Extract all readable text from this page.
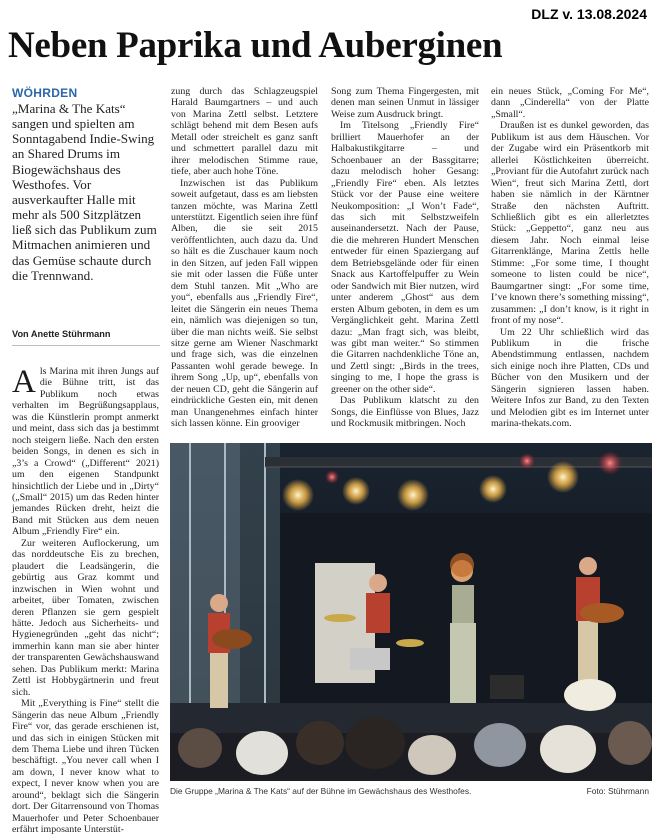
DLZ v. 13.08.2024
Neben Paprika und Auberginen
WÖHRDEN
„Marina & The Kats“ sangen und spielten am Sonntagabend Indie-Swing an Shared Drums im Biogewächshaus des Westhofes. Vor ausverkaufter Halle mit mehr als 500 Sitzplätzen ließ sich das Publikum zum Mitmachen animieren und das Gemüse schaute durch die Trennwand.
Von Anette Stührmann

Als Marina mit ihren Jungs auf die Bühne tritt, ist das Publikum noch etwas verhalten im Begrüßungsapplaus, was die Künstlerin prompt anmerkt und meint, dass sich das ja bestimmt noch steigern ließe. Nach den ersten beiden Songs, in denen es sich in „3’s a Crowd“ („Different“ 2021) um den eigenen Standpunkt hinsichtlich der Liebe und in „Dirty“ („Small“ 2015) um das Reden hinter jemandes Rücken dreht, heizt die Band mit Stücken aus dem neuen Album „Friendly Fire“ ein.

Zur weiteren Auflockerung, um das norddeutsche Eis zu brechen, plaudert die Leadsängerin, die gebürtig aus Graz kommt und inzwischen in Wien wohnt und arbeitet, über Tomaten, zwischen deren Pflanzen sie gern gespielt hätte. Jedoch aus Sicherheits- und Hygienegründen „geht das nicht“; immerhin kann man sie aber hinter der transparenten Gewächshauswand sehen. Das Publikum merkt: Marina Zettl ist Hobbygärtnerin und freut sich.

Mit „Everything is Fine“ stellt die Sängerin das neue Album „Friendly Fire“ vor, das gerade erschienen ist, und das sich in einigen Stücken mit dem Thema Liebe und ihren Tücken beschäftigt. „You never call when I am down, I never know what to expect, I never know when you are around“, beklagt sich die Sängerin dort. Der Gitarrensound von Thomas Mauerhofer und Peter Schoenbauer erfährt imposante Unterstüt-

zung durch das Schlagzeugspiel Harald Baumgartners – und auch von Marina Zettl selbst. Letztere schlägt behend mit dem Besen aufs Metall oder streichelt es ganz sanft und schmettert parallel dazu mit ihrer melodischen Stimme raue, tiefe, aber auch hohe Töne.

Inzwischen ist das Publikum soweit aufgetaut, dass es am liebsten tanzen möchte, was Marina Zettl unterstützt. Eigentlich seien ihre fünf Alben, die sie seit 2015 veröffentlichten, auch dazu da. Und so hält es die Zuschauer kaum noch in den Sitzen, auf jeden Fall wippen sie mit oder lassen die Füße unter dem Stuhl tanzen. Mit „Who are you“, ebenfalls aus „Friendly Fire“, leitet die Sängerin ein neues Thema ein, nämlich was diejenigen so tun, über die man nichts weiß. Sie selbst sitze gerne am Wiener Naschmarkt und frage sich, was die einzelnen Passanten wohl gerade bewege. In ihrem Song „Up, up“, ebenfalls von der neuen CD, geht die Sängerin auf eindrückliche Gesten ein, mit denen man Unangenehmes einfach hinter sich lassen könne. Ein grooviger

Song zum Thema Fingergesten, mit denen man seinen Unmut in lässiger Weise zum Ausdruck bringt.

Im Titelsong „Friendly Fire“ brilliert Mauerhofer an der Halbakustikgitarre – und Schoenbauer an der Bassgitarre; dazu melodisch hoher Gesang: „Friendly Fire“ eben. Als letztes Stück vor der Pause eine weitere Neukomposition: „I Won’t Fade“, das sich mit Selbstzweifeln auseinandersetzt. Nach der Pause, die die mehreren Hundert Menschen entweder für einen Spaziergang auf dem Betriebsgelände oder für einen Snack aus Kartoffelpuffer zu Wein oder Sandwich mit Bier nutzen, wird unter anderem „Ghost“ aus dem ersten Album geboten, in dem es um Vergänglichkeit geht. Marina Zettl dazu: „Man fragt sich, was bleibt, was gibt man weiter.“ So stimmen die Gitarren nachdenkliche Töne an, und Zettl singt: „Birds in the trees, singing to me, I hope the grass is greener on the other side“.

Das Publikum klatscht zu den Songs, die Einflüsse von Blues, Jazz und Rockmusik mitbringen. Noch

ein neues Stück, „Coming For Me“, dann „Cinderella“ von der Platte „Small“.

Draußen ist es dunkel geworden, das Publikum ist aus dem Häuschen. Vor der Zugabe wird ein Präsentkorb mit allerlei Köstlichkeiten überreicht. „Proviant für die Autofahrt zurück nach Wien“, freut sich Marina Zettl, dort haben sie nämlich in der Kärntner Straße den nächsten Auftritt. Schließlich gibt es ein allerletztes Stück: „Geppetto“, ganz neu aus diesem Jahr. Noch einmal leise Gitarrenklänge, Marina Zettls helle Stimme: „For some time, I thought someone to listen could be nice“, Baumgartner singt: „For some time, I’ve known there’s something missing“, zusammen: „I don’t know, is it right in front of my nose“.

Um 22 Uhr schließlich wird das Publikum in die frische Abendstimmung entlassen, nachdem sich einige noch ihre Platten, CDs und Bücher von den Musikern und der Sängerin signieren lassen haben. Weitere Infos zur Band, zu den Texten und Melodien gibt es im Internet unter marina-thekats.com.

Die Gruppe „Marina & The Kats“ auf der Bühne im Gewächshaus des Westhofes.	Foto: Stührmann
